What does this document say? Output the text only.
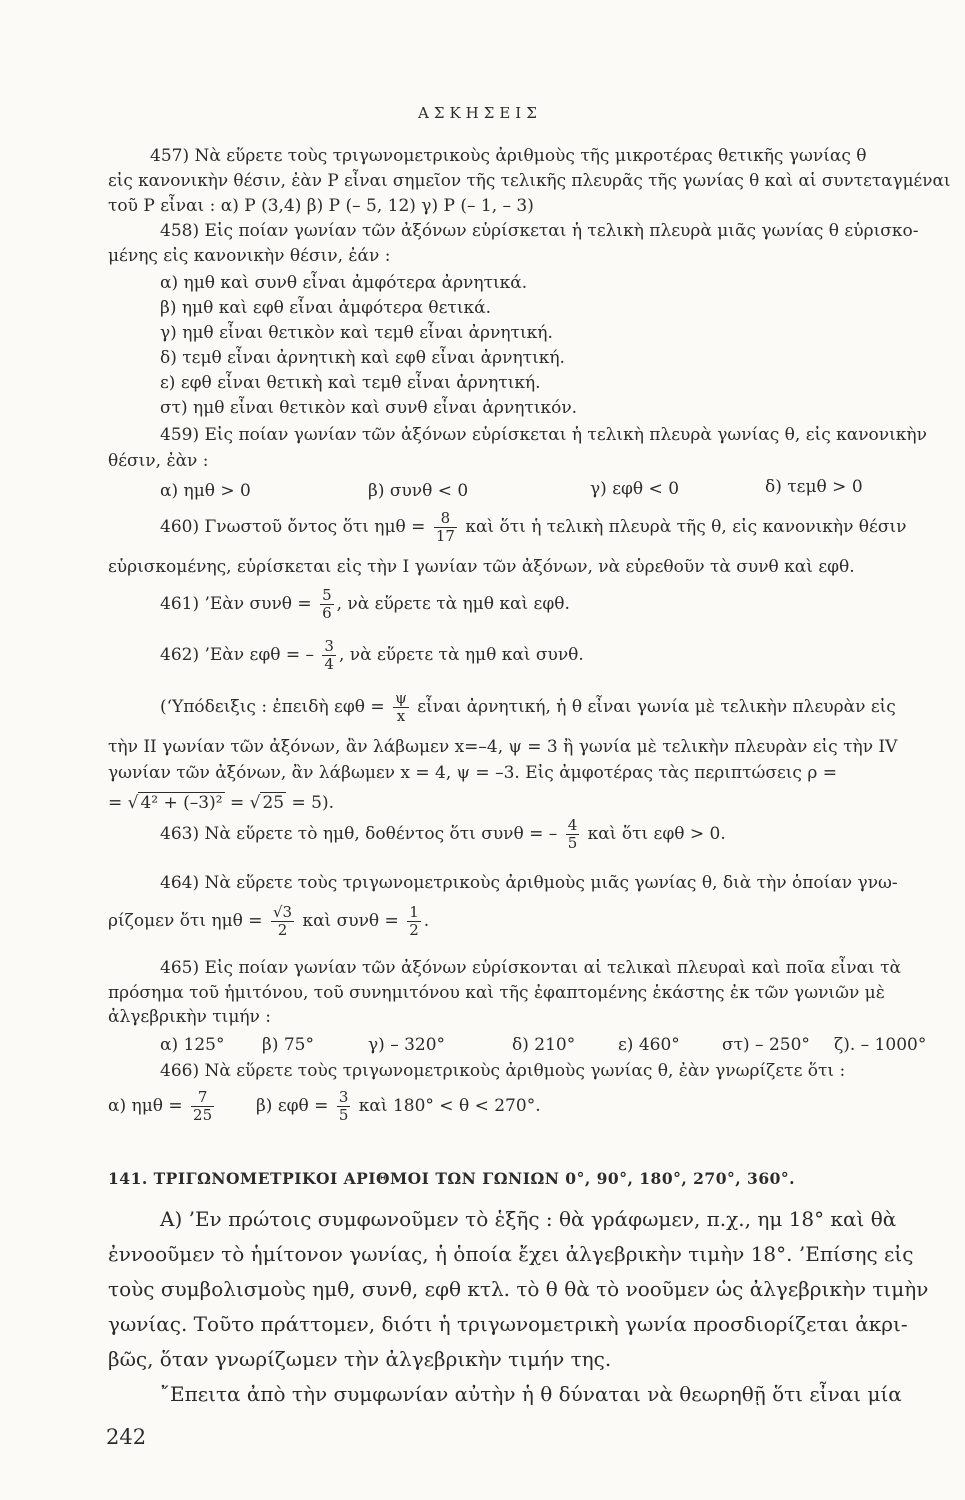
ΑΣΚΗΣΕΙΣ
457) Νὰ εὕρετε τοὺς τριγωνομετρικοὺς ἀριθμοὺς τῆς μικροτέρας θετικῆς γωνίας θ
εἰς κανονικὴν θέσιν, ἐὰν P εἶναι σημεῖον τῆς τελικῆς πλευρᾶς τῆς γωνίας θ καὶ αἱ συντεταγμέναι
τοῦ P εἶναι : α) P (3,4) β) P (– 5, 12) γ) P (– 1, – 3)
458) Εἰς ποίαν γωνίαν τῶν ἀξόνων εὑρίσκεται ἡ τελικὴ πλευρὰ μιᾶς γωνίας θ εὑρισκο-
μένης εἰς κανονικὴν θέσιν, ἐάν :
α) ημθ καὶ συνθ εἶναι ἀμφότερα ἀρνητικά.
β) ημθ καὶ εφθ εἶναι ἀμφότερα θετικά.
γ) ημθ εἶναι θετικὸν καὶ τεμθ εἶναι ἀρνητική.
δ) τεμθ εἶναι ἀρνητικὴ καὶ εφθ εἶναι ἀρνητική.
ε) εφθ εἶναι θετικὴ καὶ τεμθ εἶναι ἀρνητική.
στ) ημθ εἶναι θετικὸν καὶ συνθ εἶναι ἀρνητικόν.
459) Εἰς ποίαν γωνίαν τῶν ἀξόνων εὑρίσκεται ἡ τελικὴ πλευρὰ γωνίας θ, εἰς κανονικὴν
θέσιν, ἐὰν :
α) ημθ > 0	β) συνθ < 0	γ) εφθ < 0	δ) τεμθ > 0
460) Γνωστοῦ ὄντος ὅτι $\eta\mu\theta = \frac{8}{17}$ καὶ ὅτι ἡ τελικὴ πλευρὰ τῆς θ, εἰς κανονικὴν θέσιν
εὑρισκομένης, εὑρίσκεται εἰς τὴν I γωνίαν τῶν ἀξόνων, νὰ εὑρεθοῦν τὰ συνθ καὶ εφθ.
461) ’Εὰν $\sigma\upsilon\nu\theta = \frac{5}{6}$ , νὰ εὕρετε τὰ ημθ καὶ εφθ.
462) ’Εὰν εφθ = – $\frac{3}{4}$ , νὰ εὕρετε τὰ ημθ καὶ συνθ.
(‘Υπόδειξις : ἐπειδὴ $\varepsilon\varphi\theta = \frac{\psi}{x}$ εἶναι ἀρνητική, ἡ θ εἶναι γωνία μὲ τελικὴν πλευρὰν εἰς
τὴν II γωνίαν τῶν ἀξόνων, ἂν λάβωμεν x=–4, ψ = 3 ἢ γωνία μὲ τελικὴν πλευρὰν εἰς τὴν IV
γωνίαν τῶν ἀξόνων, ἂν λάβωμεν x = 4, ψ = –3. Εἰς ἀμφοτέρας τὰς περιπτώσεις ρ =
= √ 4² + (–3)² = √ 25 = 5).
463) Νὰ εὕρετε τὸ ημθ, δοθέντος ὅτι συνθ = – $\frac{4}{5}$ καὶ ὅτι εφθ > 0.
464) Νὰ εὕρετε τοὺς τριγωνομετρικοὺς ἀριθμοὺς μιᾶς γωνίας θ, διὰ τὴν ὁποίαν γνω-
ρίζομεν ὅτι $\eta\mu\theta = \frac{√3}{2}$ καὶ $\sigma\upsilon\nu\theta = \frac{1}{2}$ .
465) Εἰς ποίαν γωνίαν τῶν ἀξόνων εὑρίσκονται αἱ τελικαὶ πλευραὶ καὶ ποῖα εἶναι τὰ
πρόσημα τοῦ ἡμιτόνου, τοῦ συνημιτόνου καὶ τῆς ἐφαπτομένης ἑκάστης ἐκ τῶν γωνιῶν μὲ
ἀλγεβρικὴν τιμήν :
α) 125° β) 75°	γ) – 320°	δ) 210°	ε) 460° στ) – 250° ζ). – 1000°
466) Νὰ εὕρετε τοὺς τριγωνομετρικοὺς ἀριθμοὺς γωνίας θ, ἐὰν γνωρίζετε ὅτι :
α) $\eta\mu\theta = \frac{7}{25} \beta$) $\varepsilon\varphi\theta = \frac{3}{5}$ καὶ 180° < θ < 270°.
141. ΤΡΙΓΩΝΟΜΕΤΡΙΚΟΙ ΑΡΙΘΜΟΙ ΤΩΝ ΓΩΝΙΩΝ 0°, 90°, 180°, 270°, 360°.
Α) ’Εν πρώτοις συμφωνοῦμεν τὸ ἑξῆς : θὰ γράφωμεν, π.χ., ημ 18° καὶ θὰ
ἐννοοῦμεν τὸ ἡμίτονον γωνίας, ἡ ὁποία ἔχει ἀλγεβρικὴν τιμὴν 18°. ’Επίσης εἰς
τοὺς συμβολισμοὺς ημθ, συνθ, εφθ κτλ. τὸ θ θὰ τὸ νοοῦμεν ὡς ἀλγεβρικὴν τιμὴν
γωνίας. Τοῦτο πράττομεν, διότι ἡ τριγωνομετρικὴ γωνία προσδιορίζεται ἀκρι-
βῶς, ὅταν γνωρίζωμεν τὴν ἀλγεβρικὴν τιμήν της.
῎Επειτα ἀπὸ τὴν συμφωνίαν αὐτὴν ἡ θ δύναται νὰ θεωρηθῇ ὅτι εἶναι μία
242
